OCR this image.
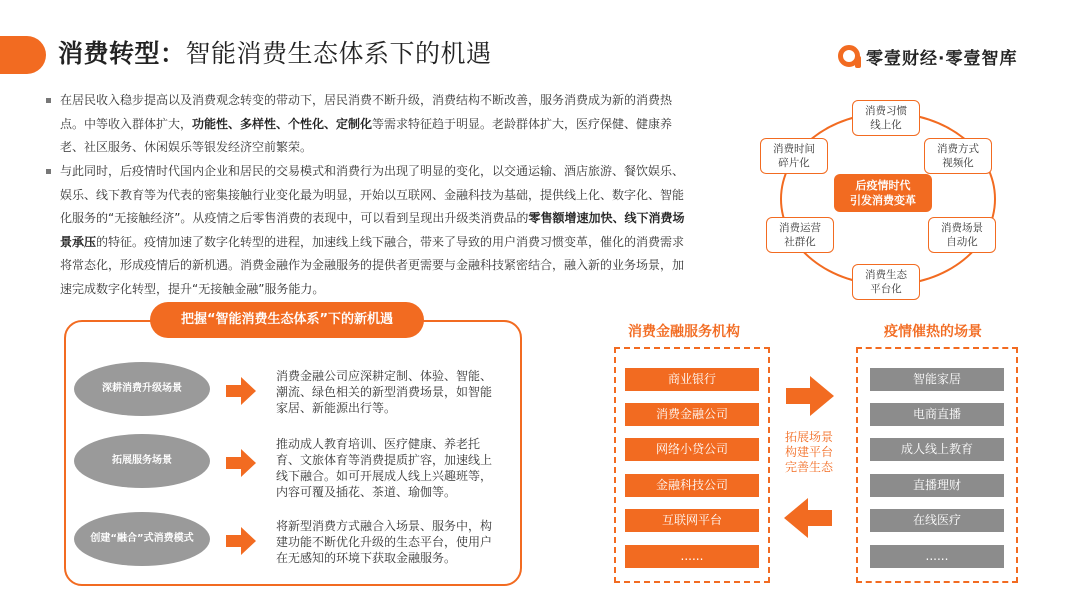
消费转型：智能消费生态体系下的机遇	零壹财经·零壹智库
在居民收入稳步提高以及消费观念转变的带动下，居民消费不断升级，消费结构不断改善，服务消费成为新的消费热点。中等收入群体扩大，功能性、多样性、个性化、定制化等需求特征趋于明显。老龄群体扩大，医疗保健、健康养老、社区服务、休闲娱乐等银发经济空前繁荣。
与此同时，后疫情时代国内企业和居民的交易模式和消费行为出现了明显的变化，以交通运输、酒店旅游、餐饮娱乐、娱乐、线下教育等为代表的密集接触行业变化最为明显，开始以互联网、金融科技为基础，提供线上化、数字化、智能化服务的“无接触经济”。从疫情之后零售消费的表现中，可以看到呈现出升级类消费品的零售额增速加快、线下消费场景承压的特征。疫情加速了数字化转型的进程，加速线上线下融合，带来了导致的用户消费习惯变革，催化的消费需求将常态化，形成疫情后的新机遇。消费金融作为金融服务的提供者更需要与金融科技紧密结合，融入新的业务场景，加速完成数字化转型，提升“无接触金融”服务能力。
后疫情时代
引发消费变革
消费习惯
线上化
消费方式
视频化
消费场景
自动化
消费生态
平台化
消费运营
社群化
消费时间
碎片化
把握“智能消费生态体系”下的新机遇
深耕消费升级场景
消费金融公司应深耕定制、体验、智能、潮流、绿色相关的新型消费场景，如智能家居、新能源出行等。
拓展服务场景
推动成人教育培训、医疗健康、养老托育、文旅体育等消费提质扩容，加速线上线下融合。如可开展成人线上兴趣班等，内容可覆及插花、茶道、瑜伽等。
创建“融合”式消费模式
将新型消费方式融合入场景、服务中，构建功能不断优化升级的生态平台，使用户在无感知的环境下获取金融服务。
消费金融服务机构
商业银行
消费金融公司
网络小贷公司
金融科技公司
互联网平台
......
拓展场景
构建平台
完善生态
疫情催热的场景
智能家居
电商直播
成人线上教育
直播理财
在线医疗
......
